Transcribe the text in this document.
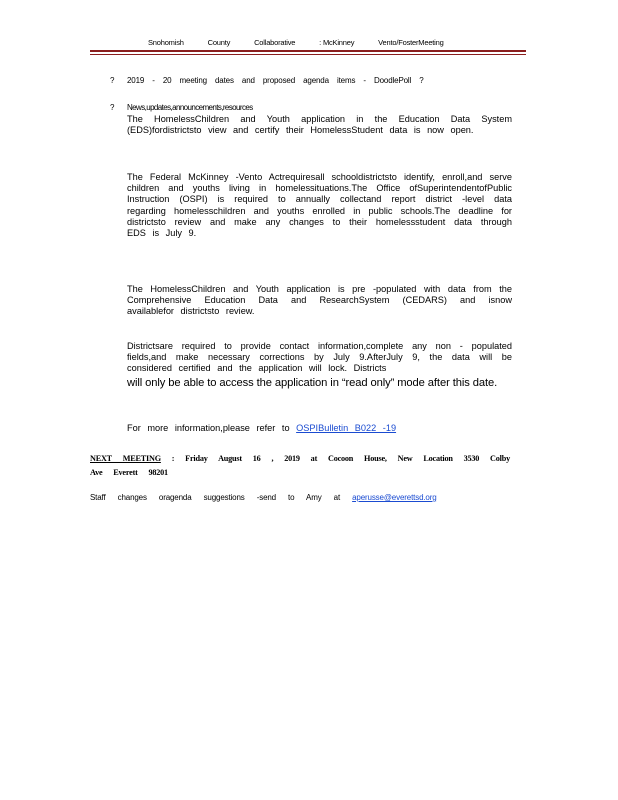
Snohomish	County	Collaborative	: McKinney	Vento/FosterMeeting
? 2019 - 20 meeting dates and proposed agenda items - DoodlePoll ?
? News,updates,announcements,resources
The HomelessChildren and Youth application in the Education Data System (EDS)fordistrictsto view and certify their HomelessStudent data is now open.
The Federal McKinney -Vento Actrequiresall schooldistrictsto identify, enroll,and serve children and youths living in homelessituations.The Office ofSuperintendentofPublic Instruction (OSPI) is required to annually collectand report district -level data regarding homelesschildren and youths enrolled in public schools.The deadline for districtsto review and make any changes to their homelessstudent data through EDS is July 9.
The HomelessChildren and Youth application is pre -populated with data from the Comprehensive Education Data and ResearchSystem (CEDARS) and isnow availablefor districtsto review.
Districtsare required to provide contact information,complete any non - populated fields,and make necessary corrections by July 9.AfterJuly 9, the data will be considered certified and the application will lock. Districts
will only be able to access the application in “read only” mode after this date.
For more information,please refer to OSPIBulletin B022 -19
NEXT MEETING : Friday August 16 , 2019 at Cocoon House, New Location 3530 Colby Ave Everett 98201
Staff changes oragenda suggestions -send to Amy at aperusse@everettsd.org
